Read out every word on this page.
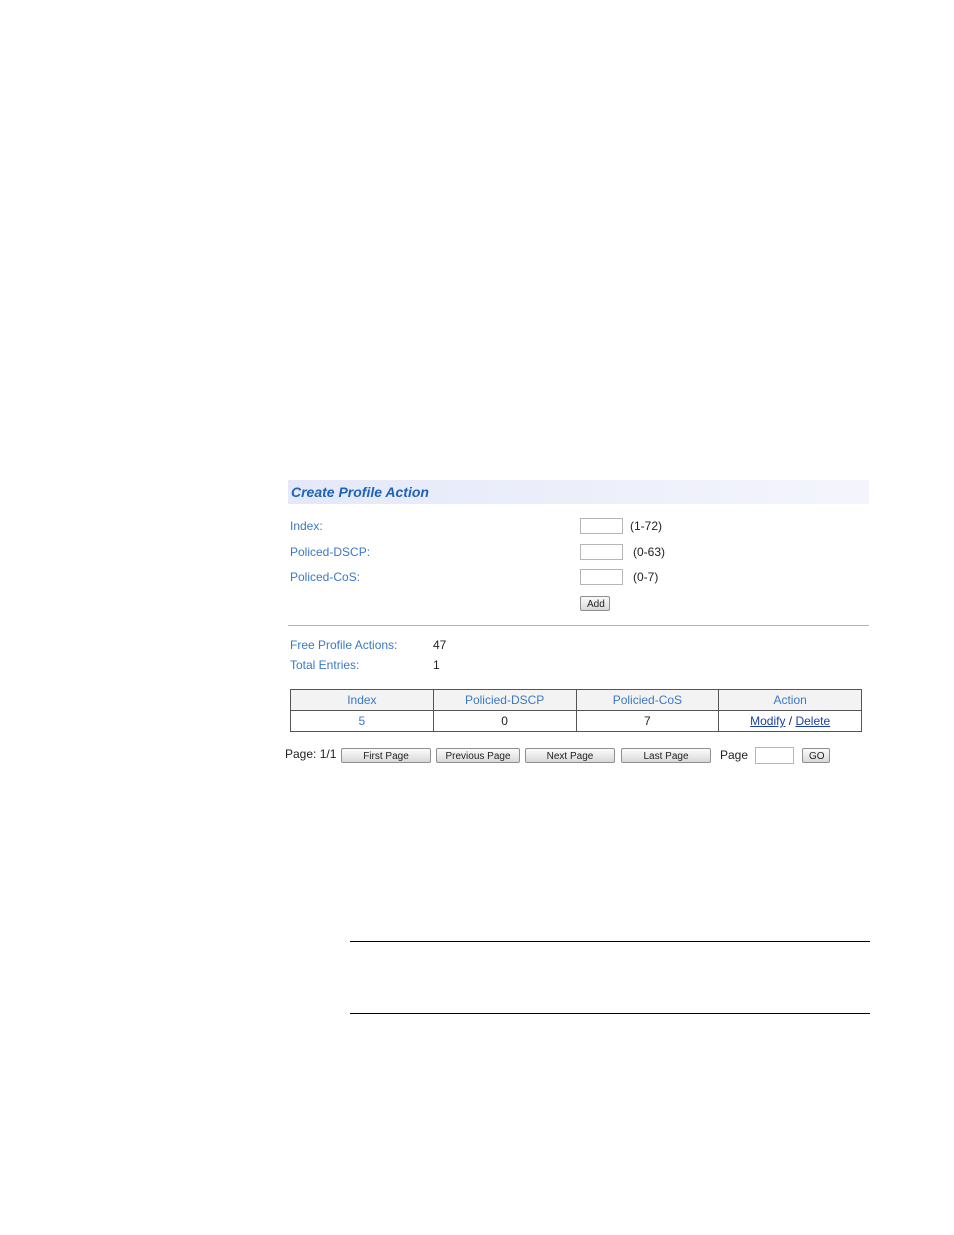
Create Profile Action
Index:	(1-72)
Policed-DSCP:	(0-63)
Policed-CoS:	(0-7)
Add
Free Profile Actions:	47
Total Entries:	1
Index	Policied-DSCP	Policied-CoS	Action
5	0	7	Modify / Delete
Page: 1/1	First Page	Previous Page	Next Page	Last Page	Page	GO
